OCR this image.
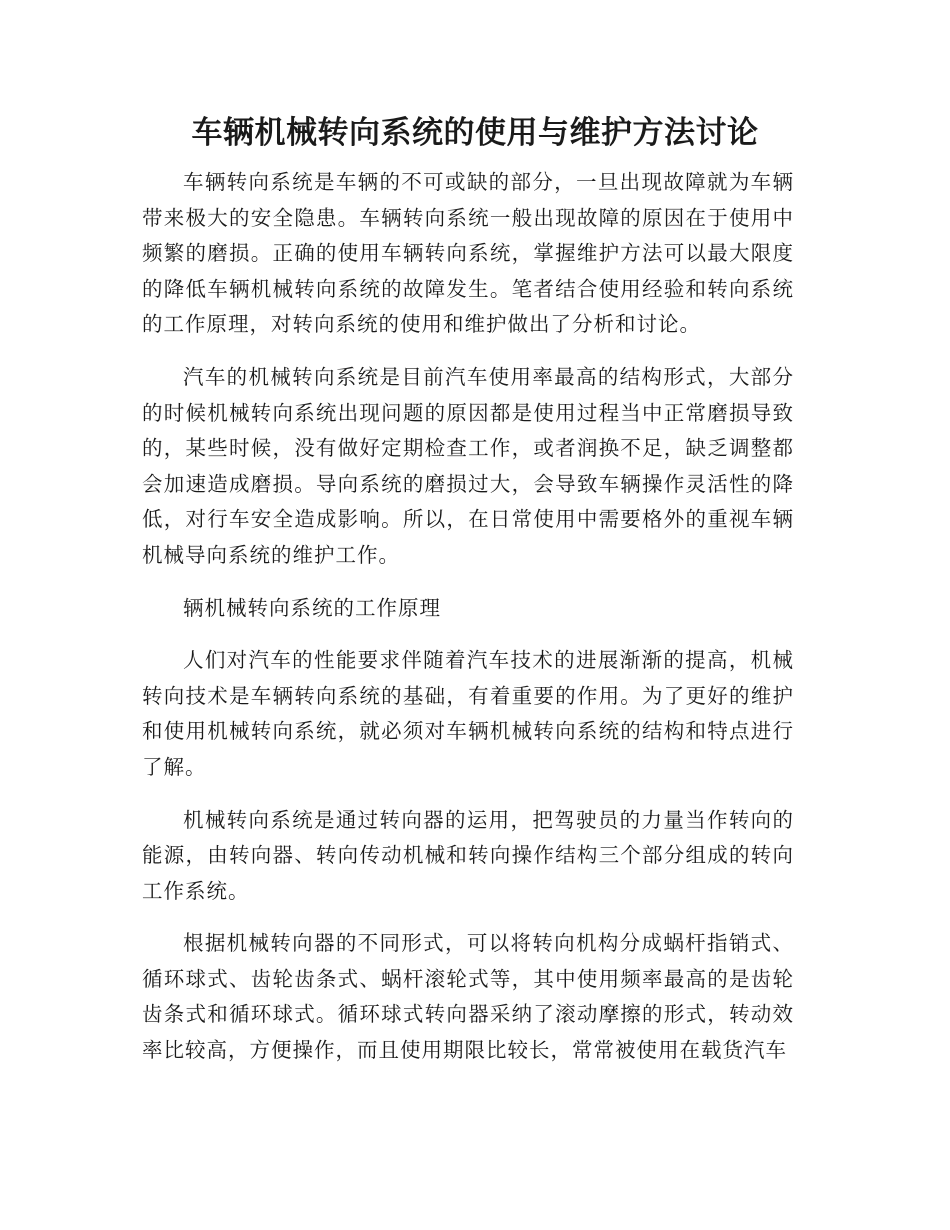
车辆机械转向系统的使用与维护方法讨论

车辆转向系统是车辆的不可或缺的部分，一旦出现故障就为车辆带来极大的安全隐患。车辆转向系统一般出现故障的原因在于使用中频繁的磨损。正确的使用车辆转向系统，掌握维护方法可以最大限度的降低车辆机械转向系统的故障发生。笔者结合使用经验和转向系统的工作原理，对转向系统的使用和维护做出了分析和讨论。

汽车的机械转向系统是目前汽车使用率最高的结构形式，大部分的时候机械转向系统出现问题的原因都是使用过程当中正常磨损导致的，某些时候，没有做好定期检查工作，或者润换不足，缺乏调整都会加速造成磨损。导向系统的磨损过大，会导致车辆操作灵活性的降低，对行车安全造成影响。所以，在日常使用中需要格外的重视车辆机械导向系统的维护工作。

辆机械转向系统的工作原理

人们对汽车的性能要求伴随着汽车技术的进展渐渐的提高，机械转向技术是车辆转向系统的基础，有着重要的作用。为了更好的维护和使用机械转向系统，就必须对车辆机械转向系统的结构和特点进行了解。

机械转向系统是通过转向器的运用，把驾驶员的力量当作转向的能源，由转向器、转向传动机械和转向操作结构三个部分组成的转向工作系统。

根据机械转向器的不同形式，可以将转向机构分成蜗杆指销式、循环球式、齿轮齿条式、蜗杆滚轮式等，其中使用频率最高的是齿轮齿条式和循环球式。循环球式转向器采纳了滚动摩擦的形式，转动效率比较高，方便操作，而且使用期限比较长，常常被使用在载货汽车
